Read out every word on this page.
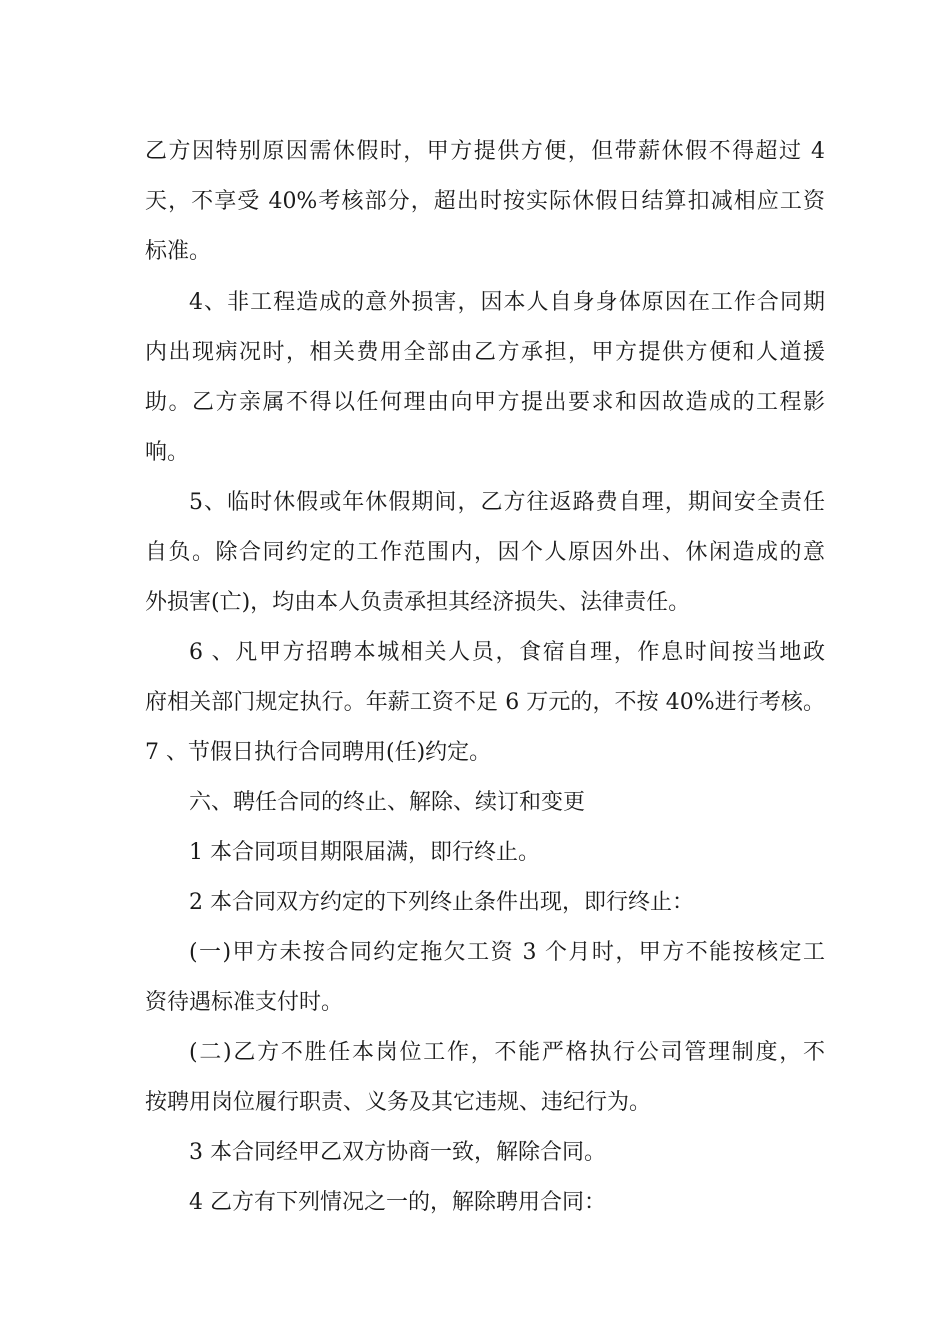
乙方因特别原因需休假时，甲方提供方便，但带薪休假不得超过 4
天，不享受 40%考核部分，超出时按实际休假日结算扣减相应工资
标准。
4、非工程造成的意外损害，因本人自身身体原因在工作合同期
内出现病况时，相关费用全部由乙方承担，甲方提供方便和人道援
助。乙方亲属不得以任何理由向甲方提出要求和因故造成的工程影
响。
5、临时休假或年休假期间，乙方往返路费自理，期间安全责任
自负。除合同约定的工作范围内，因个人原因外出、休闲造成的意
外损害(亡)，均由本人负责承担其经济损失、法律责任。
6 、凡甲方招聘本城相关人员，食宿自理，作息时间按当地政
府相关部门规定执行。年薪工资不足 6 万元的，不按 40%进行考核。
7 、节假日执行合同聘用(任)约定。
六、聘任合同的终止、解除、续订和变更
1 本合同项目期限届满，即行终止。
2 本合同双方约定的下列终止条件出现，即行终止：
(一)甲方未按合同约定拖欠工资 3 个月时，甲方不能按核定工
资待遇标准支付时。
(二)乙方不胜任本岗位工作，不能严格执行公司管理制度，不
按聘用岗位履行职责、义务及其它违规、违纪行为。
3 本合同经甲乙双方协商一致，解除合同。
4 乙方有下列情况之一的，解除聘用合同：
